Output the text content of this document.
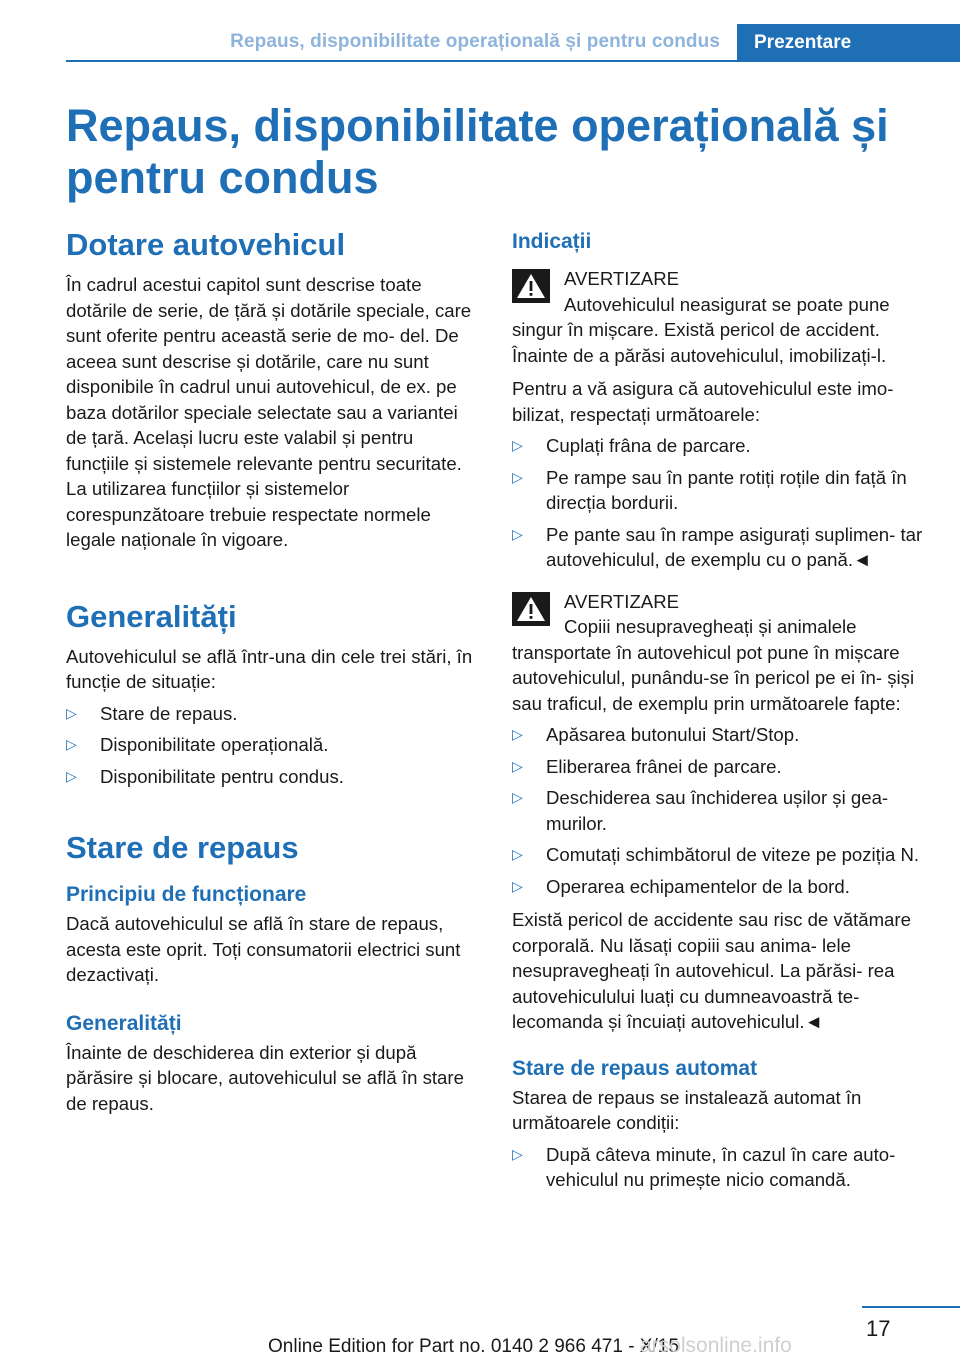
Repaus, disponibilitate operațională și pentru condus Prezentare
Repaus, disponibilitate operațională și pentru condus
Dotare autovehicul

În cadrul acestui capitol sunt descrise toate dotările de serie, de țără și dotările speciale, care sunt oferite pentru această serie de mo- del. De aceea sunt descrise și dotările, care nu sunt disponibile în cadrul unui autovehicul, de ex. pe baza dotărilor speciale selectate sau a variantei de țară. Același lucru este valabil și pentru funcțiile și sistemele relevante pentru securitate. La utilizarea funcțiilor și sistemelor corespunzătoare trebuie respectate normele legale naționale în vigoare.

Generalități

Autovehiculul se află într-una din cele trei stări, în funcție de situație:

▷ Stare de repaus.
▷ Disponibilitate operațională.
▷ Disponibilitate pentru condus.
Stare de repaus
Principiu de funcționare

Dacă autovehiculul se află în stare de repaus, acesta este oprit. Toți consumatorii electrici sunt dezactivați.

Generalități

Înainte de deschiderea din exterior și după părăsire și blocare, autovehiculul se află în stare de repaus.

Indicații
AVERTIZARE
Autovehiculul neasigurat se poate pune

singur în mișcare. Există pericol de accident. Înainte de a părăsi autovehiculul, imobilizați-l.

Pentru a vă asigura că autovehiculul este imo- bilizat, respectați următoarele:

▷ Cuplați frâna de parcare.
▷ Pe rampe sau în pante rotiți roțile din față în direcția bordurii.
▷ Pe pante sau în rampe asigurați suplimen- tar autovehiculul, de exemplu cu o pană.◄
AVERTIZARE
Copiii nesupravegheați și animalele

transportate în autovehicul pot pune în mișcare autovehiculul, punându-se în pericol pe ei în- șiși sau traficul, de exemplu prin următoarele fapte:

▷ Apăsarea butonului Start/Stop.
▷ Eliberarea frânei de parcare.
▷ Deschiderea sau închiderea ușilor și gea- murilor.
▷ Comutați schimbătorul de viteze pe poziția N.
▷ Operarea echipamentelor de la bord.

Există pericol de accidente sau risc de vătămare corporală. Nu lăsați copiii sau anima- lele nesupravegheați în autovehicul. La părăsi- rea autovehiculului luați cu dumneavoastră te- lecomanda și încuiați autovehiculul.◄

Stare de repaus automat

Starea de repaus se instalează automat în următoarele condiții:

▷ După câteva minute, în cazul în care auto- vehiculul nu primește nicio comandă.
17
Online Edition for Part no. 0140 2 966 471 - X/15
arsolsonline.info
